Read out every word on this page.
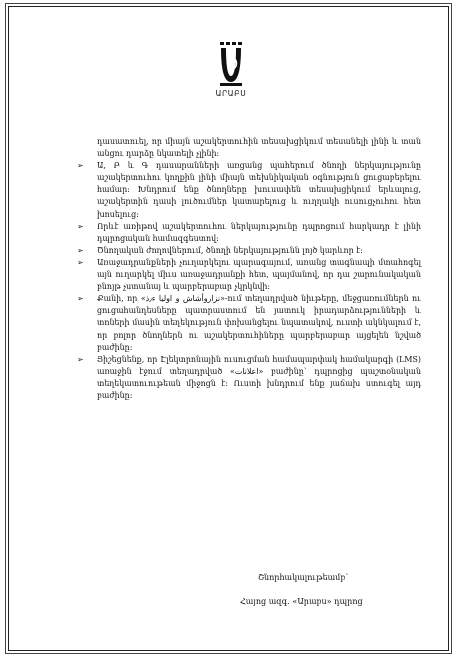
ԱՐԱԲՍ

դասատուել, որ միայն աշակերտուհին տեսախցիկում տեսանելի լինի և տան անցու դարձը նկատելի չլինի։

➢	Ա, Բ և Գ դասարանների առցանց պահերում ծնողի ներկայությունը աշակերտուհու կողքին լինի միայն տեխնիկական օգնություն ցուցաբերելու համար։ Խնդրում ենք ծնողները խուսափեն տեսախցիկում երևալուց, աշակերտին դասի լուծումներ կատարելուց և ուղղակի ուսուցչուհու հետ խոսելուց։
➢	Որևէ առիթով աշակերտուհու ներկայությունը դպրոցում հարկադր է լինի դպրոցական համազգեստով։
➢	Ծնողական ժողովներում, ծնողի ներկայությունն լոյծ կարևոր է։
➢	Առաջադրանքների չուղարկելու պարագայում, առանց տագնապի մտահոգել այն ուղարկել միւս առաջադրանքի հետ, պայմանով, որ դա շարունակական բնոյթ չստանայ և պարբերաբար չկրկնվի։
➢	Քանի, որ «نزاروأشاش و اولیا ء٫ذ»-ում տեղադրված նիւթերը, մեջցառումներն ու ցուցահանդեսները պատրաստում են յատուկ իրադարձությունների և տոների մասին տեղեկություն փոխանցելու նպատակով, ուստի ակնկալում է, որ բոլոր ծնողներն ու աշակերտուհիները պարբերաբար այցելեն նշված բաժինը։
➢	Յիշեցնենք, որ Էլեկտրոնային ուսուցման համապարփակ համակարգի (LMS) առաջին էջում տեղադրված «اعلانات» բաժինը՝ դպրոցից պաշտօնական տեղեկատուութեան միջոցն է։ Ուստի խնդրում ենք յաճախ ստուգել այդ բաժինը։
Շնորհակալութեամբ՝
Հայոց ազգ. «Արաբս» դպրոց
